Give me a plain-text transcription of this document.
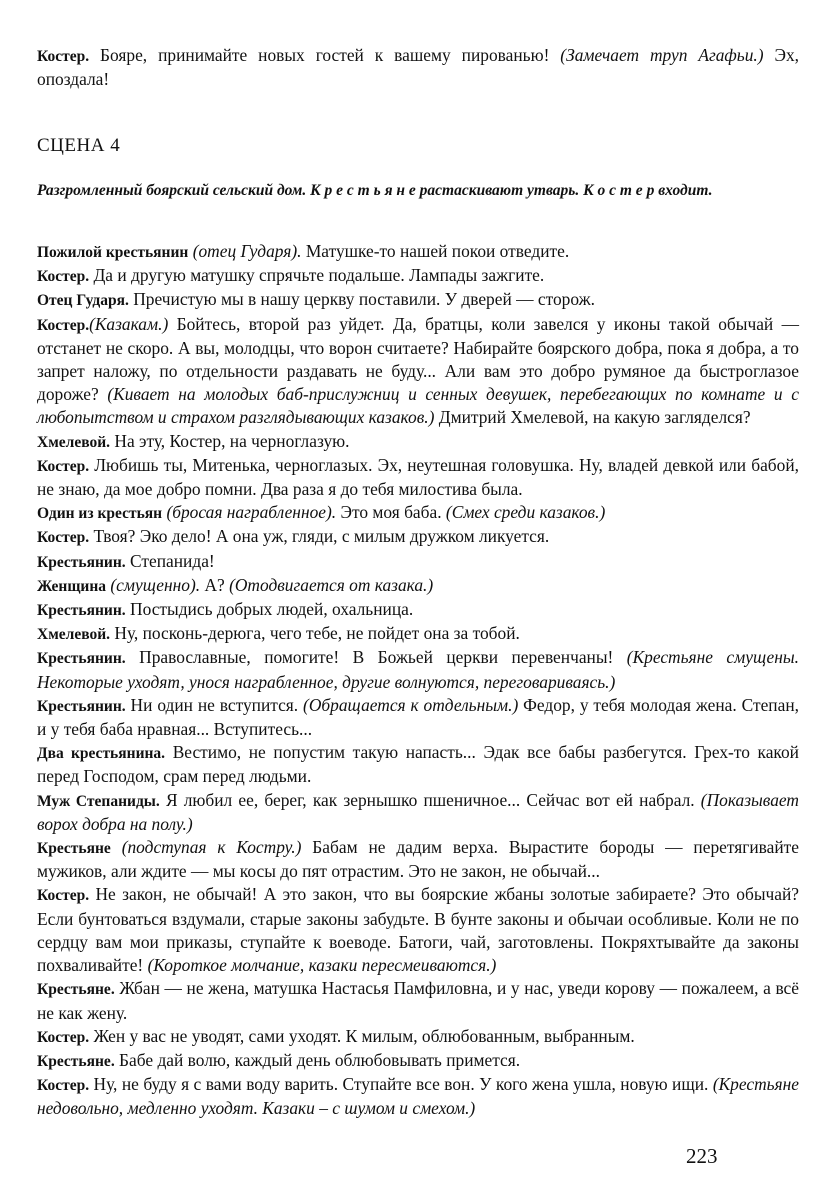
Костер. Бояре, принимайте новых гостей к вашему пированью! (Замечает труп Агафьи.) Эх, опоздала!

СЦЕНА 4
Разгромленный боярский сельский дом. К р е с т ь я н е растаскивают утварь. К о с т е р входит.

Пожилой крестьянин (отец Гударя). Матушке-то нашей покои отведите.

Костер. Да и другую матушку спрячьте подальше. Лампады зажгите.

Отец Гударя. Пречистую мы в нашу церкву поставили. У дверей — сторож.

Костер.(Казакам.) Бойтесь, второй раз уйдет. Да, братцы, коли завелся у иконы такой обычай — отстанет не скоро. А вы, молодцы, что ворон считаете? Набирайте боярского добра, пока я добра, а то запрет наложу, по отдельности раздавать не буду... Али вам это добро румяное да быстроглазое дороже? (Кивает на молодых баб-прислужниц и сенных девушек, перебегающих по комнате и с любопытством и страхом разглядывающих казаков.) Дмитрий Хмелевой, на какую загляделся?

Хмелевой. На эту, Костер, на черноглазую.

Костер. Любишь ты, Митенька, черноглазых. Эх, неутешная головушка. Ну, владей девкой или бабой, не знаю, да мое добро помни. Два раза я до тебя милостива была.

Один из крестьян (бросая награбленное). Это моя баба. (Смех среди казаков.)

Костер. Твоя? Эко дело! А она уж, гляди, с милым дружком ликуется.

Крестьянин. Степанида!

Женщина (смущенно). А? (Отодвигается от казака.)

Крестьянин. Постыдись добрых людей, охальница.

Хмелевой. Ну, посконь-дерюга, чего тебе, не пойдет она за тобой.

Крестьянин. Православные, помогите! В Божьей церкви перевенчаны! (Крестьяне смущены. Некоторые уходят, унося награбленное, другие волнуются, переговариваясь.)

Крестьянин. Ни один не вступится. (Обращается к отдельным.) Федор, у тебя молодая жена. Степан, и у тебя баба нравная... Вступитесь...

Два крестьянина. Вестимо, не попустим такую напасть... Эдак все бабы разбегутся. Грех-то какой перед Господом, срам перед людьми.

Муж Степаниды. Я любил ее, берег, как зернышко пшеничное... Сейчас вот ей набрал. (Показывает ворох добра на полу.)

Крестьяне (подступая к Костру.) Бабам не дадим верха. Вырастите бороды — перетягивайте мужиков, али ждите — мы косы до пят отрастим. Это не закон, не обычай...

Костер. Не закон, не обычай! А это закон, что вы боярские жбаны золотые забираете? Это обычай? Если бунтоваться вздумали, старые законы забудьте. В бунте законы и обычаи особливые. Коли не по сердцу вам мои приказы, ступайте к воеводе. Батоги, чай, заготовлены. Покряхтывайте да законы похваливайте! (Короткое молчание, казаки пересмеиваются.)

Крестьяне. Жбан — не жена, матушка Настасья Памфиловна, и у нас, уведи корову — пожалеем, а всё не как жену.

Костер. Жен у вас не уводят, сами уходят. К милым, облюбованным, выбранным.

Крестьяне. Бабе дай волю, каждый день облюбовывать примется.

Костер. Ну, не буду я с вами воду варить. Ступайте все вон. У кого жена ушла, новую ищи. (Крестьяне недовольно, медленно уходят. Казаки – с шумом и смехом.)

223
